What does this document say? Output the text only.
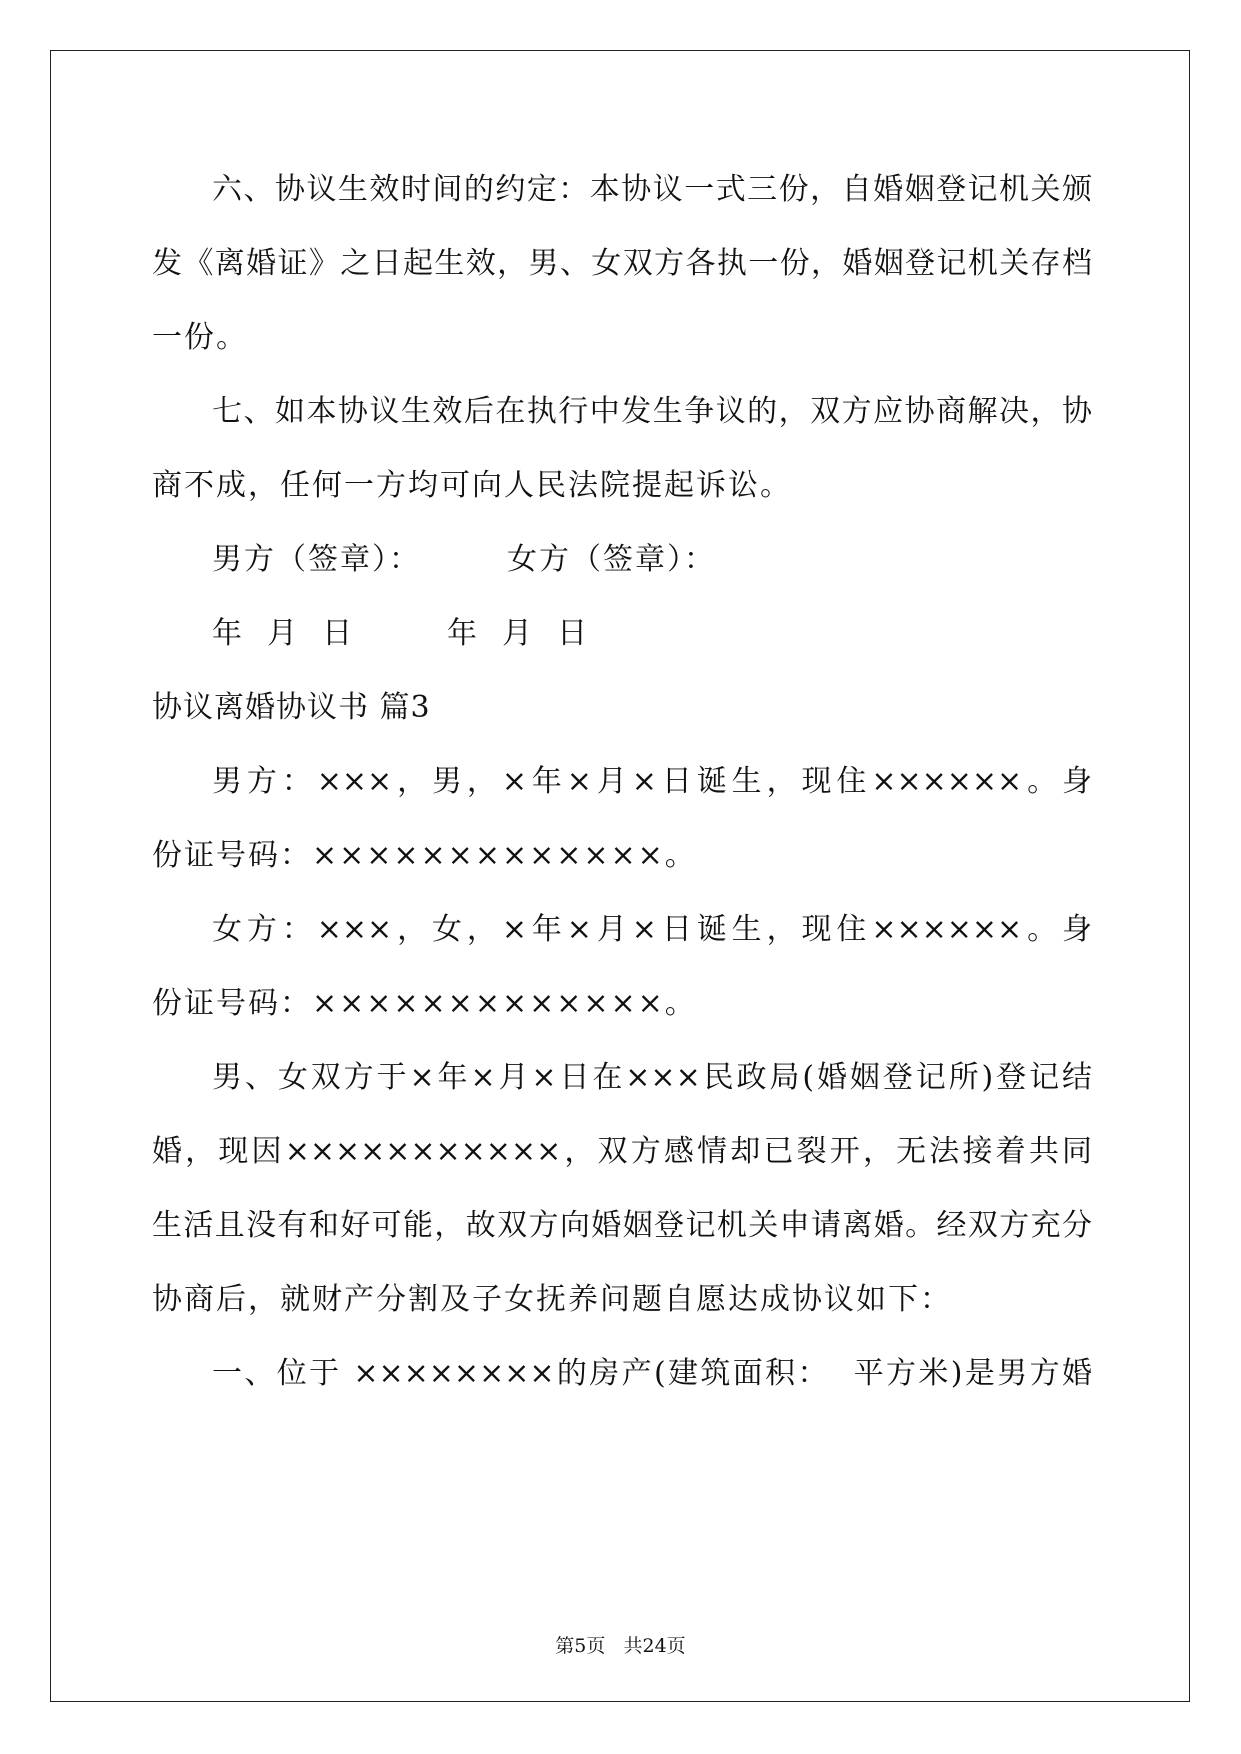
六、协议生效时间的约定：本协议一式三份，自婚姻登记机关颁
发《离婚证》之日起生效，男、女双方各执一份，婚姻登记机关存档
一份。
七、如本协议生效后在执行中发生争议的，双方应协商解决，协
商不成，任何一方均可向人民法院提起诉讼。
男方（签章）：	女方（签章）：
年  月  日	年  月  日
协议离婚协议书 篇3
男方：×××，男，×年×月×日诞生，现住××××××。身
份证号码：×××××××××××××。
女方：×××，女，×年×月×日诞生，现住××××××。身
份证号码：×××××××××××××。
男、女双方于×年×月×日在×××民政局(婚姻登记所)登记结
婚，现因×××××××××××，双方感情却已裂开，无法接着共同
生活且没有和好可能，故双方向婚姻登记机关申请离婚。经双方充分
协商后，就财产分割及子女抚养问题自愿达成协议如下：
一、位于 ××××××××的房产(建筑面积：  平方米)是男方婚
第5页   共24页
